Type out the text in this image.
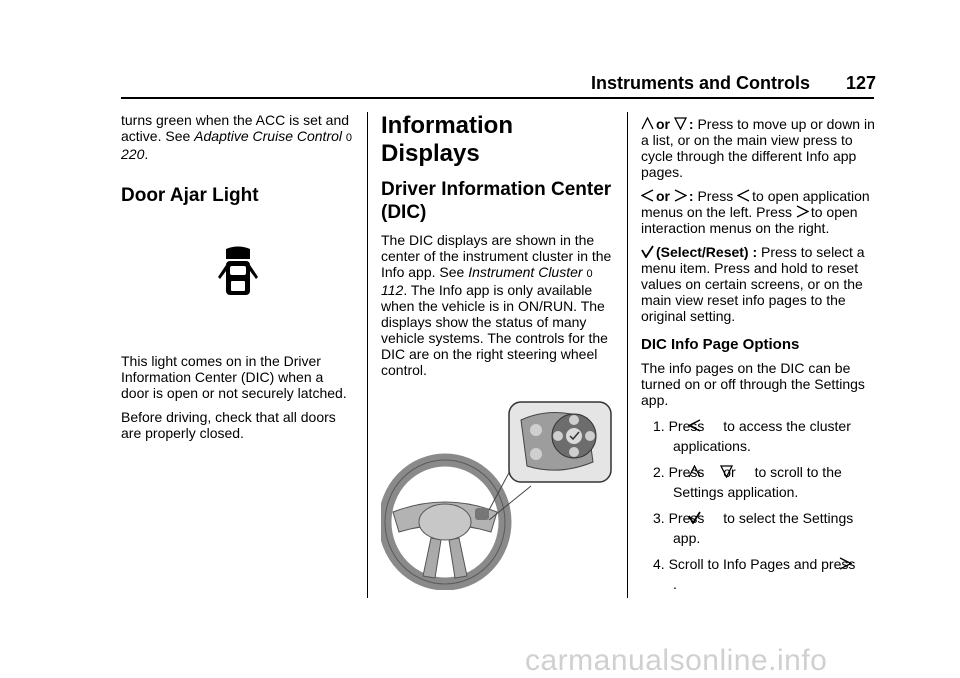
Instruments and Controls 127

turns green when the ACC is set and active. See Adaptive Cruise Control 0 220.

Door Ajar Light

This light comes on in the Driver Information Center (DIC) when a door is open or not securely latched.

Before driving, check that all doors are properly closed.

Information Displays
Driver Information Center (DIC)

The DIC displays are shown in the center of the instrument cluster in the Info app. See Instrument Cluster 0 112. The Info app is only available when the vehicle is in ON/RUN. The displays show the status of many vehicle systems. The controls for the DIC are on the right steering wheel control.

or : Press to move up or down in a list, or on the main view press to cycle through the different Info app pages.

or : Press to open application menus on the left. Press to open interaction menus on the right.

(Select/Reset) : Press to select a menu item. Press and hold to reset values on certain screens, or on the main view reset info pages to the original setting.

DIC Info Page Options

The info pages on the DIC can be turned on or off through the Settings app.

1. Press to access the cluster applications.
2. Press or to scroll to the Settings application.
3. Press to select the Settings app.
4. Scroll to Info Pages and press .
carmanualsonline.info
